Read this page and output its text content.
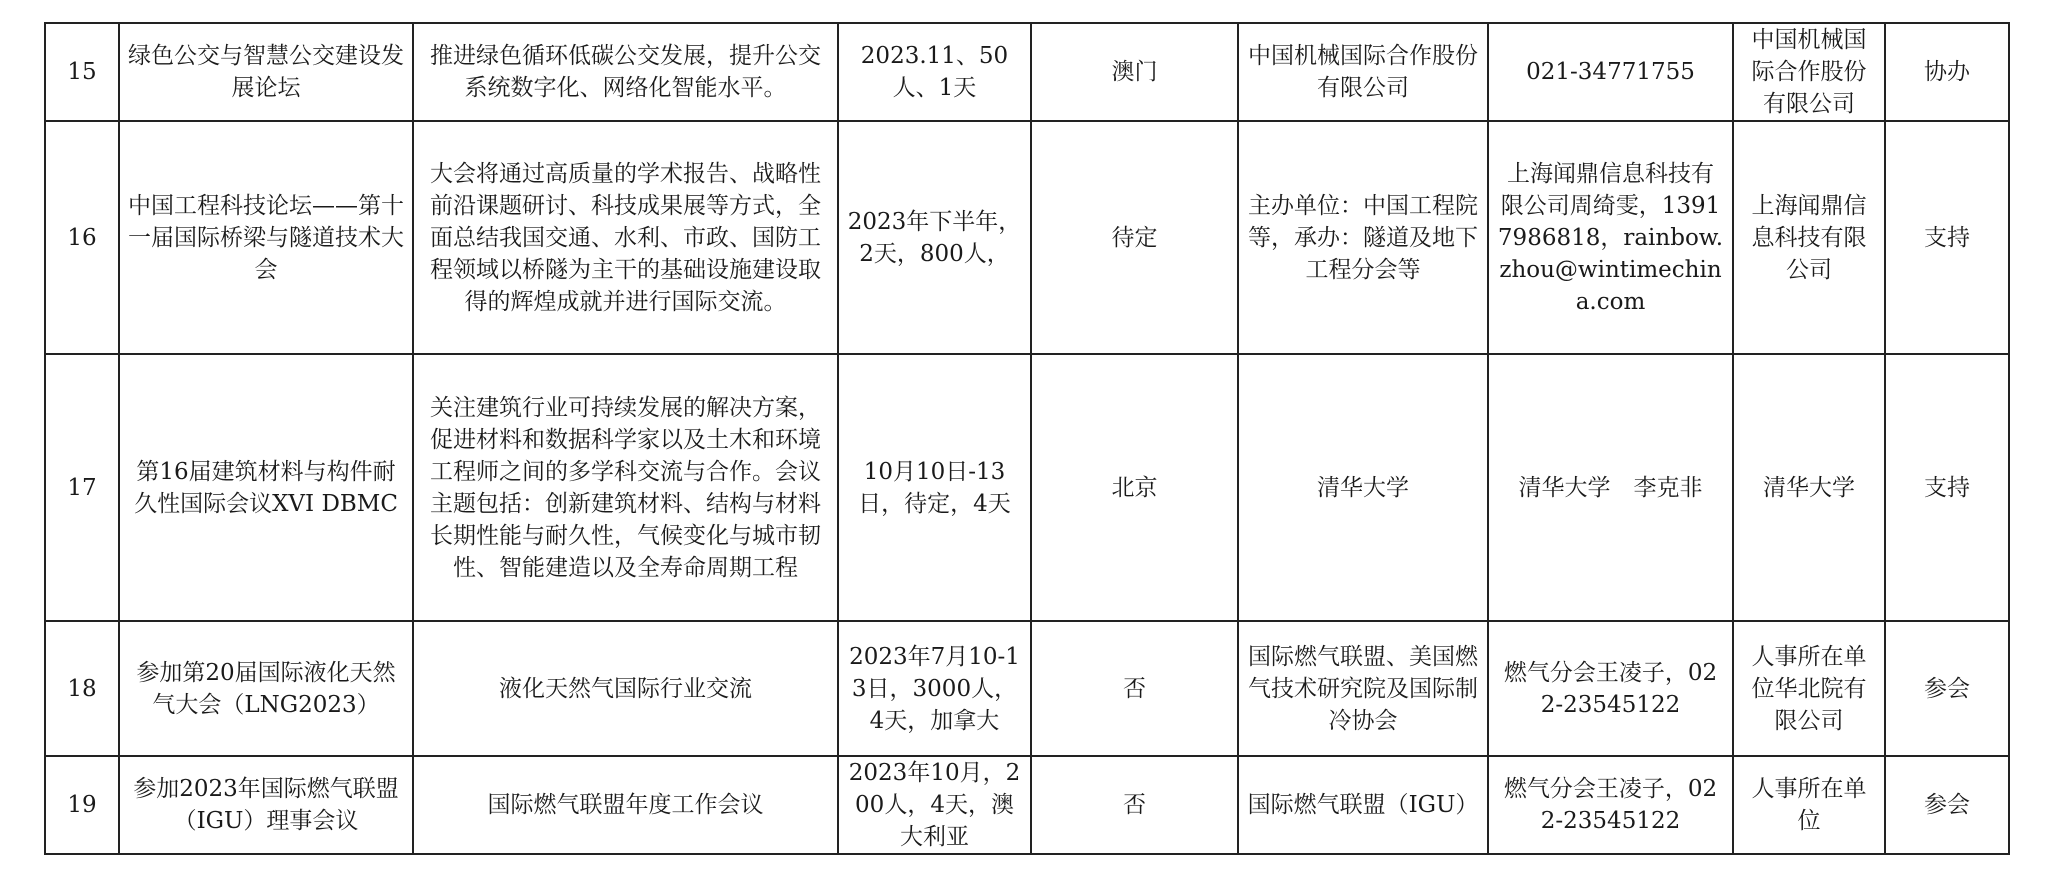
15	绿色公交与智慧公交建设发展论坛	推进绿色循环低碳公交发展，提升公交系统数字化、网络化智能水平。	2023.11、50人、1天	澳门	中国机械国际合作股份有限公司	021-34771755	中国机械国际合作股份有限公司	协办
16	中国工程科技论坛——第十一届国际桥梁与隧道技术大会	大会将通过高质量的学术报告、战略性前沿课题研讨、科技成果展等方式，全面总结我国交通、水利、市政、国防工程领域以桥隧为主干的基础设施建设取得的辉煌成就并进行国际交流。	2023年下半年，2天，800人，	待定	主办单位：中国工程院等，承办：隧道及地下工程分会等	上海闻鼎信息科技有限公司周绮雯，13917986818，rainbow.zhou@wintimechina.com	上海闻鼎信息科技有限公司	支持
17	第16届建筑材料与构件耐久性国际会议XVI DBMC	关注建筑行业可持续发展的解决方案，促进材料和数据科学家以及土木和环境工程师之间的多学科交流与合作。会议主题包括：创新建筑材料、结构与材料长期性能与耐久性，气候变化与城市韧性、智能建造以及全寿命周期工程	10月10日-13日，待定，4天	北京	清华大学	清华大学　李克非	清华大学	支持
18	参加第20届国际液化天然气大会（LNG2023）	液化天然气国际行业交流	2023年7月10-13日，3000人，4天，加拿大	否	国际燃气联盟、美国燃气技术研究院及国际制冷协会	燃气分会王凌子，022-23545122	人事所在单位华北院有限公司	参会
19	参加2023年国际燃气联盟（IGU）理事会议	国际燃气联盟年度工作会议	2023年10月，200人，4天，澳大利亚	否	国际燃气联盟（IGU）	燃气分会王凌子，022-23545122	人事所在单位	参会
